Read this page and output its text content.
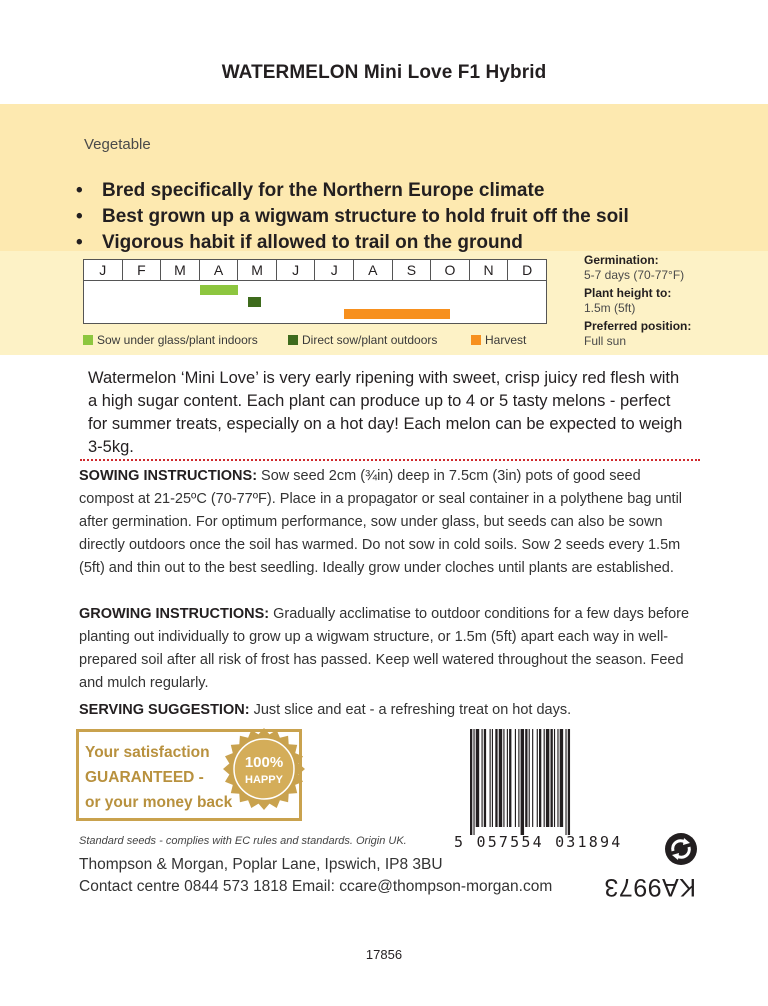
WATERMELON Mini Love F1 Hybrid
Vegetable
• Bred specifically for the Northern Europe climate
• Best grown up a wigwam structure to hold fruit off the soil
• Vigorous habit if allowed to trail on the ground
J	F	M	A	M	J	J	A	S	O	N	D
Sow under glass/plant indoors	Direct sow/plant outdoors	Harvest
Germination:
5-7 days (70-77°F)
Plant height to:
1.5m (5ft)
Preferred position:
Full sun
Watermelon ‘Mini Love’ is very early ripening with sweet, crisp juicy red flesh with a high sugar content. Each plant can produce up to 4 or 5 tasty melons - perfect for summer treats, especially on a hot day! Each melon can be expected to weigh 3-5kg.
SOWING INSTRUCTIONS: Sow seed 2cm (¾in) deep in 7.5cm (3in) pots of good seed compost at 21-25ºC (70-77ºF). Place in a propagator or seal container in a polythene bag until after germination. For optimum performance, sow under glass, but seeds can also be sown directly outdoors once the soil has warmed. Do not sow in cold soils. Sow 2 seeds every 1.5m (5ft) and thin out to the best seedling. Ideally grow under cloches until plants are established.
GROWING INSTRUCTIONS: Gradually acclimatise to outdoor conditions for a few days before planting out individually to grow up a wigwam structure, or 1.5m (5ft) apart each way in well-prepared soil after all risk of frost has passed. Keep well watered throughout the season. Feed and mulch regularly.
SERVING SUGGESTION: Just slice and eat - a refreshing treat on hot days.
Your satisfaction
GUARANTEED -
or your money back
100%
HAPPY
5 057554 031894
Standard seeds - complies with EC rules and standards. Origin UK.
Thompson & Morgan, Poplar Lane, Ipswich, IP8 3BU
Contact centre 0844 573 1818 Email: ccare@thompson-morgan.com KA9973
17856
